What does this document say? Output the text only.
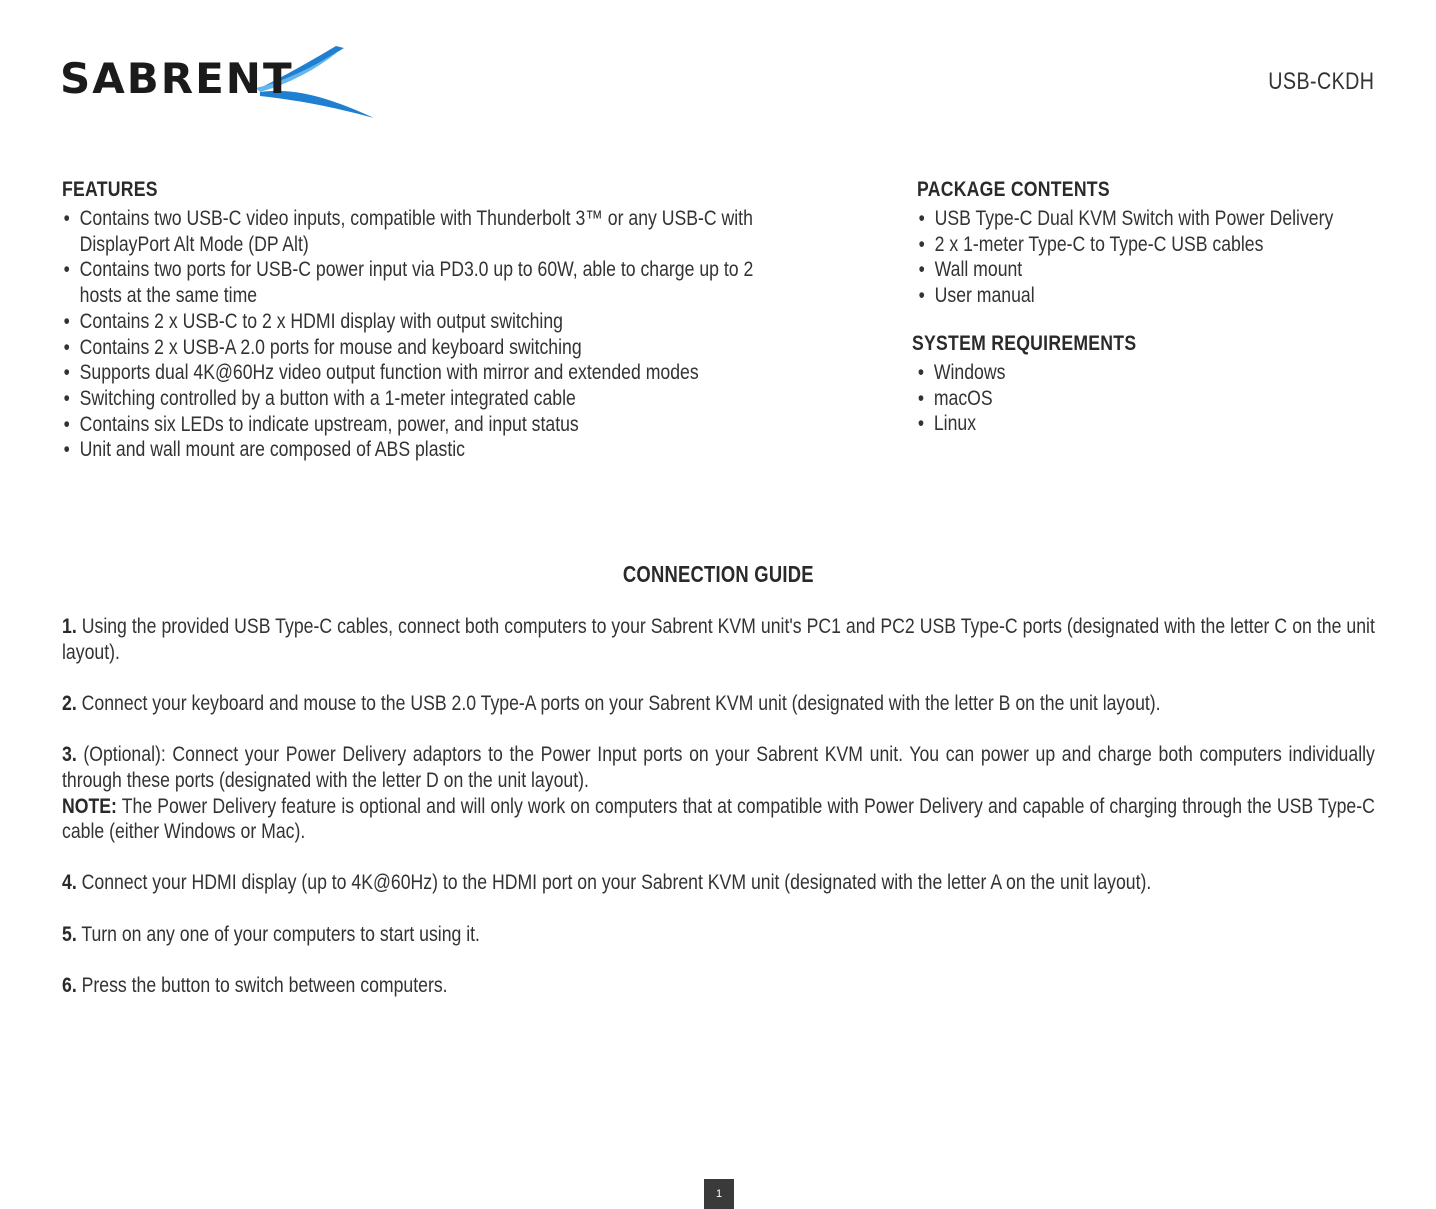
SABRENT	USB-CKDH
FEATURES
• Contains two USB-C video inputs, compatible with Thunderbolt 3™ or any USB-C with DisplayPort Alt Mode (DP Alt)
• Contains two ports for USB-C power input via PD3.0 up to 60W, able to charge up to 2 hosts at the same time
• Contains 2 x USB-C to 2 x HDMI display with output switching
• Contains 2 x USB-A 2.0 ports for mouse and keyboard switching
• Supports dual 4K@60Hz video output function with mirror and extended modes
• Switching controlled by a button with a 1-meter integrated cable
• Contains six LEDs to indicate upstream, power, and input status
• Unit and wall mount are composed of ABS plastic
PACKAGE CONTENTS
• USB Type-C Dual KVM Switch with Power Delivery
• 2 x 1-meter Type-C to Type-C USB cables
• Wall mount
• User manual
SYSTEM REQUIREMENTS
• Windows
• macOS
• Linux
CONNECTION GUIDE

1. Using the provided USB Type-C cables, connect both computers to your Sabrent KVM unit's PC1 and PC2 USB Type-C ports (designated with the letter C on the unit layout).

2. Connect your keyboard and mouse to the USB 2.0 Type-A ports on your Sabrent KVM unit (designated with the letter B on the unit layout).

3. (Optional): Connect your Power Delivery adaptors to the Power Input ports on your Sabrent KVM unit. You can power up and charge both computers individually through these ports (designated with the letter D on the unit layout).
NOTE: The Power Delivery feature is optional and will only work on computers that at compatible with Power Delivery and capable of charging through the USB Type-C cable (either Windows or Mac).

4. Connect your HDMI display (up to 4K@60Hz) to the HDMI port on your Sabrent KVM unit (designated with the letter A on the unit layout).

5. Turn on any one of your computers to start using it.

6. Press the button to switch between computers.

1
